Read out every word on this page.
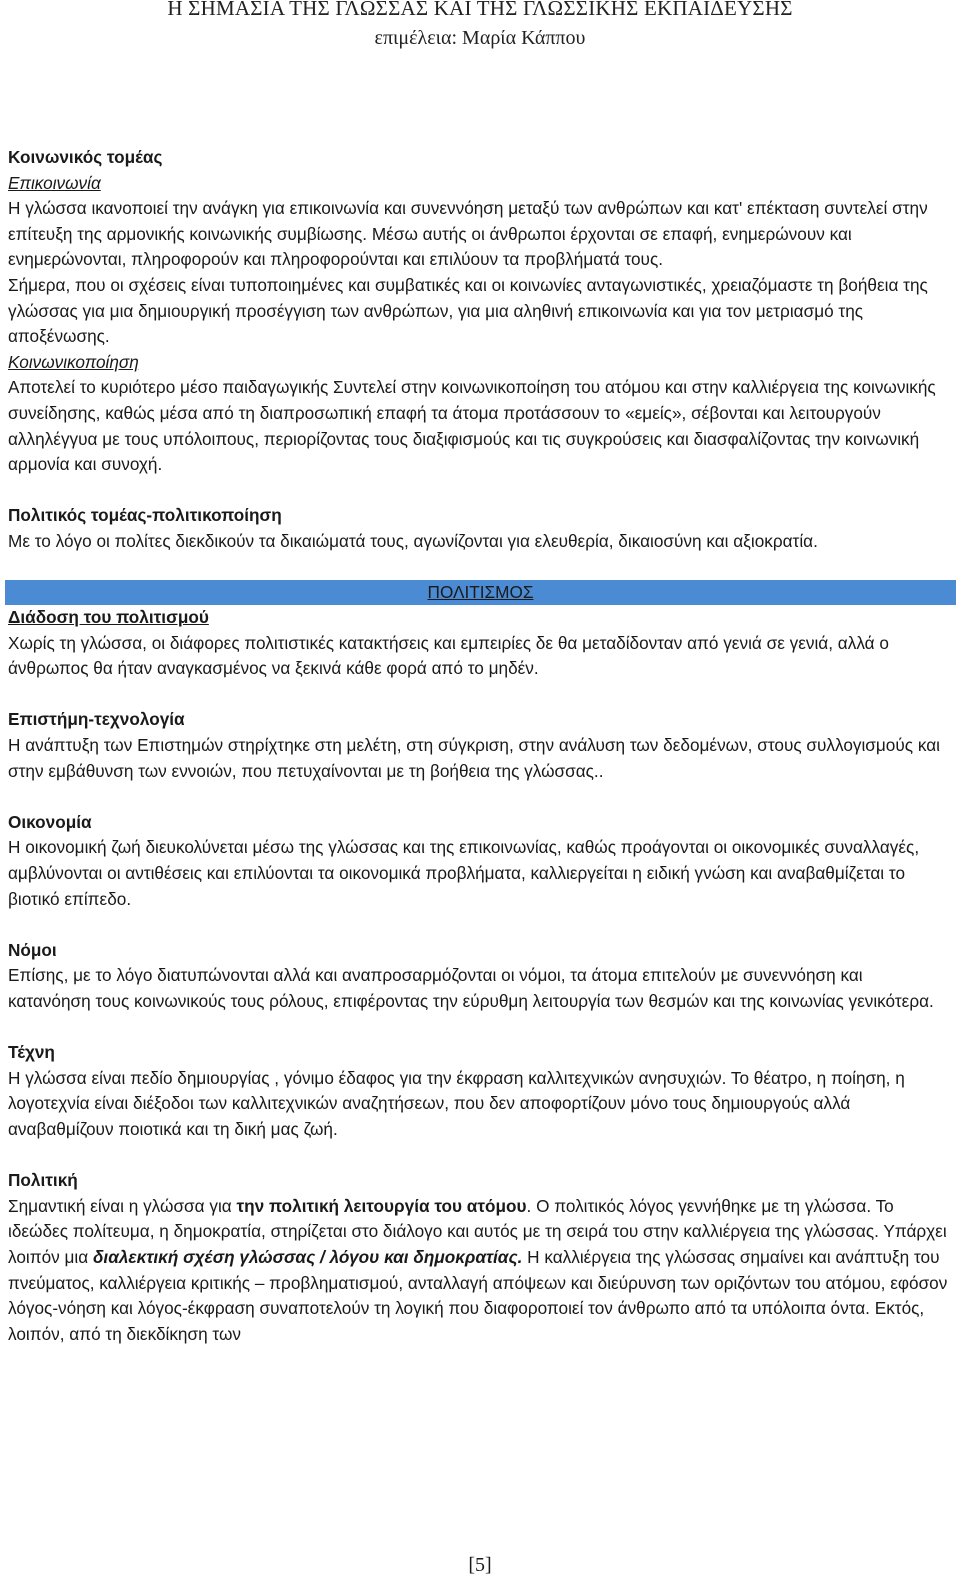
Η ΣΗΜΑΣΙΑ ΤΗΣ ΓΛΩΣΣΑΣ ΚΑΙ ΤΗΣ ΓΛΩΣΣΙΚΗΣ ΕΚΠΑΙΔΕΥΣΗΣ
επιμέλεια: Μαρία Κάππου

Κοινωνικός τομέας

Επικοινωνία

Η γλώσσα ικανοποιεί την ανάγκη για επικοινωνία και συνεννόηση μεταξύ των ανθρώπων και κατ' επέκταση συντελεί στην επίτευξη της αρμονικής κοινωνικής συμβίωσης. Μέσω αυτής οι άνθρωποι έρχονται σε επαφή, ενημερώνουν και ενημερώνονται, πληροφορούν και πληροφορούνται και επιλύουν τα προβλήματά τους.

Σήμερα, που οι σχέσεις είναι τυποποιημένες και συμβατικές και οι κοινωνίες ανταγωνιστικές, χρειαζόμαστε τη βοήθεια της γλώσσας για μια δημιουργική προσέγγιση των ανθρώπων, για μια αληθινή επικοινωνία και για τον μετριασμό της αποξένωσης.

Κοινωνικοποίηση

Αποτελεί το κυριότερο μέσο παιδαγωγικής Συντελεί στην κοινωνικοποίηση του ατόμου και στην καλλιέργεια της κοινωνικής συνείδησης, καθώς μέσα από τη διαπροσωπική επαφή τα άτομα προτάσσουν το «εμείς», σέβονται και λειτουργούν αλληλέγγυα με τους υπόλοιπους, περιορίζοντας τους διαξιφισμούς και τις συγκρούσεις και διασφαλίζοντας την κοινωνική αρμονία και συνοχή.

Πολιτικός τομέας-πολιτικοποίηση

Με το λόγο οι πολίτες διεκδικούν τα δικαιώματά τους, αγωνίζονται για ελευθερία, δικαιοσύνη και αξιοκρατία.

ΠΟΛΙΤΙΣΜΟΣ

Διάδοση του πολιτισμού

Χωρίς τη γλώσσα, οι διάφορες πολιτιστικές κατακτήσεις και εμπειρίες δε θα μεταδίδονταν από γενιά σε γενιά, αλλά ο άνθρωπος θα ήταν αναγκασμένος να ξεκινά κάθε φορά από το μηδέν.

Επιστήμη-τεχνολογία

Η ανάπτυξη των Επιστημών στηρίχτηκε στη μελέτη, στη σύγκριση, στην ανάλυση των δεδομένων, στους συλλογισμούς και στην εμβάθυνση των εννοιών, που πετυχαίνονται με τη βοήθεια της γλώσσας..

Οικονομία

Η οικονομική ζωή διευκολύνεται μέσω της γλώσσας και της επικοινωνίας, καθώς προάγονται οι οικονομικές συναλλαγές, αμβλύνονται οι αντιθέσεις και επιλύονται τα οικονομικά προβλήματα, καλλιεργείται η ειδική γνώση και αναβαθμίζεται το βιοτικό επίπεδο.

Νόμοι

Επίσης, με το λόγο διατυπώνονται αλλά και αναπροσαρμόζονται οι νόμοι, τα άτομα επιτελούν με συνεννόηση και κατανόηση τους κοινωνικούς τους ρόλους, επιφέροντας την εύρυθμη λειτουργία των θεσμών και της κοινωνίας γενικότερα.

Τέχνη

Η γλώσσα είναι πεδίο δημιουργίας , γόνιμο έδαφος για την έκφραση καλλιτεχνικών ανησυχιών. Το θέατρο, η ποίηση, η λογοτεχνία είναι διέξοδοι των καλλιτεχνικών αναζητήσεων, που δεν αποφορτίζουν μόνο τους δημιουργούς αλλά αναβαθμίζουν ποιοτικά και τη δική μας ζωή.

Πολιτική

Σημαντική είναι η γλώσσα για την πολιτική λειτουργία του ατόμου. Ο πολιτικός λόγος γεννήθηκε με τη γλώσσα. Το ιδεώδες πολίτευμα, η δημοκρατία, στηρίζεται στο διάλογο και αυτός με τη σειρά του στην καλλιέργεια της γλώσσας. Υπάρχει λοιπόν μια διαλεκτική σχέση γλώσσας / λόγου και δημοκρατίας. Η καλλιέργεια της γλώσσας σημαίνει και ανάπτυξη του πνεύματος, καλλιέργεια κριτικής – προβληματισμού, ανταλλαγή απόψεων και διεύρυνση των οριζόντων του ατόμου, εφόσον λόγος-νόηση και λόγος-έκφραση συναποτελούν τη λογική που διαφοροποιεί τον άνθρωπο από τα υπόλοιπα όντα. Εκτός, λοιπόν, από τη διεκδίκηση των

[5]
